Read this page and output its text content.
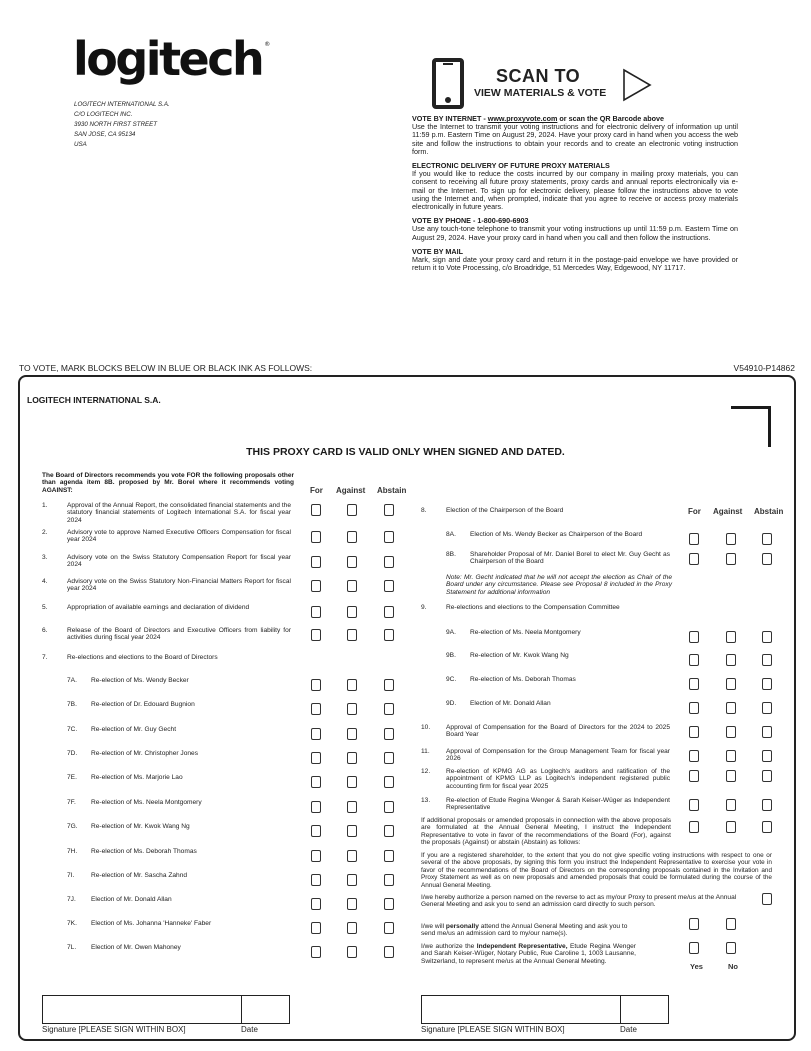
logitech ®
LOGITECH INTERNATIONAL S.A.
C/O LOGITECH INC.
3930 NORTH FIRST STREET
SAN JOSE, CA 95134
USA
SCAN TO
VIEW MATERIALS & VOTE
VOTE BY INTERNET - www.proxyvote.com or scan the QR Barcode above
Use the Internet to transmit your voting instructions and for electronic delivery of information up until 11:59 p.m. Eastern Time on August 29, 2024. Have your proxy card in hand when you access the web site and follow the instructions to obtain your records and to create an electronic voting instruction form.
ELECTRONIC DELIVERY OF FUTURE PROXY MATERIALS
If you would like to reduce the costs incurred by our company in mailing proxy materials, you can consent to receiving all future proxy statements, proxy cards and annual reports electronically via e-mail or the Internet. To sign up for electronic delivery, please follow the instructions above to vote using the Internet and, when prompted, indicate that you agree to receive or access proxy materials electronically in future years.
VOTE BY PHONE - 1-800-690-6903
Use any touch-tone telephone to transmit your voting instructions up until 11:59 p.m. Eastern Time on August 29, 2024. Have your proxy card in hand when you call and then follow the instructions.
VOTE BY MAIL
Mark, sign and date your proxy card and return it in the postage-paid envelope we have provided or return it to Vote Processing, c/o Broadridge, 51 Mercedes Way, Edgewood, NY 11717.
TO VOTE, MARK BLOCKS BELOW IN BLUE OR BLACK INK AS FOLLOWS:	V54910-P14862
LOGITECH INTERNATIONAL S.A.
THIS PROXY CARD IS VALID ONLY WHEN SIGNED AND DATED.
The Board of Directors recommends you vote FOR the following proposals other than agenda item 8B. proposed by Mr. Borel where it recommends voting AGAINST:	For Against Abstain
1.	Approval of the Annual Report, the consolidated financial statements and the statutory financial statements of Logitech International S.A. for fiscal year 2024
2.	Advisory vote to approve Named Executive Officers Compensation for fiscal year 2024
3.	Advisory vote on the Swiss Statutory Compensation Report for fiscal year 2024
4.	Advisory vote on the Swiss Statutory Non-Financial Matters Report for fiscal year 2024
5.	Appropriation of available earnings and declaration of dividend
6.	Release of the Board of Directors and Executive Officers from liability for activities during fiscal year 2024
7.	Re-elections and elections to the Board of Directors
7A. Re-election of Ms. Wendy Becker
7B. Re-election of Dr. Edouard Bugnion
7C. Re-election of Mr. Guy Gecht
7D. Re-election of Mr. Christopher Jones
7E. Re-election of Ms. Marjorie Lao
7F. Re-election of Ms. Neela Montgomery
7G. Re-election of Mr. Kwok Wang Ng
7H. Re-election of Ms. Deborah Thomas
7I.	Re-election of Mr. Sascha Zahnd
7J. Election of Mr. Donald Allan
7K. Election of Ms. Johanna 'Hanneke' Faber
7L. Election of Mr. Owen Mahoney
For Against Abstain
8.	Election of the Chairperson of the Board
8A. Election of Ms. Wendy Becker as Chairperson of the Board
8B. Shareholder Proposal of Mr. Daniel Borel to elect Mr. Guy Gecht as Chairperson of the Board
Note: Mr. Gecht indicated that he will not accept the election as Chair of the Board under any circumstance. Please see Proposal 8 included in the Proxy Statement for additional information
9.	Re-elections and elections to the Compensation Committee
9A. Re-election of Ms. Neela Montgomery
9B. Re-election of Mr. Kwok Wang Ng
9C. Re-election of Ms. Deborah Thomas
9D. Election of Mr. Donald Allan
10. Approval of Compensation for the Board of Directors for the 2024 to 2025 Board Year
11. Approval of Compensation for the Group Management Team for fiscal year 2026
12. Re-election of KPMG AG as Logitech's auditors and ratification of the appointment of KPMG LLP as Logitech's independent registered public accounting firm for fiscal year 2025
13. Re-election of Etude Regina Wenger & Sarah Keiser-Wüger as Independent Representative
If additional proposals or amended proposals in connection with the above proposals are formulated at the Annual General Meeting, I instruct the Independent Representative to vote in favor of the recommendations of the Board (For), against the proposals (Against) or abstain (Abstain) as follows:
If you are a registered shareholder, to the extent that you do not give specific voting instructions with respect to one or several of the above proposals, by signing this form you instruct the Independent Representative to exercise your vote in favor of the recommendations of the Board of Directors on the corresponding proposals contained in the Invitation and Proxy Statement as well as on new proposals and amended proposals that could be formulated during the course of the Annual General Meeting.
I/we hereby authorize a person named on the reverse to act as my/our Proxy to present me/us at the Annual General Meeting and ask you to send an admission card directly to such person.
I/we will personally attend the Annual General Meeting and ask you to send me/us an admission card to my/our name(s).
I/we authorize the Independent Representative, Etude Regina Wenger and Sarah Keiser-Wüger, Notary Public, Rue Caroline 1, 1003 Lausanne, Switzerland, to represent me/us at the Annual General Meeting.
Yes	No
Signature [PLEASE SIGN WITHIN BOX]	Date	Signature [PLEASE SIGN WITHIN BOX]	Date
